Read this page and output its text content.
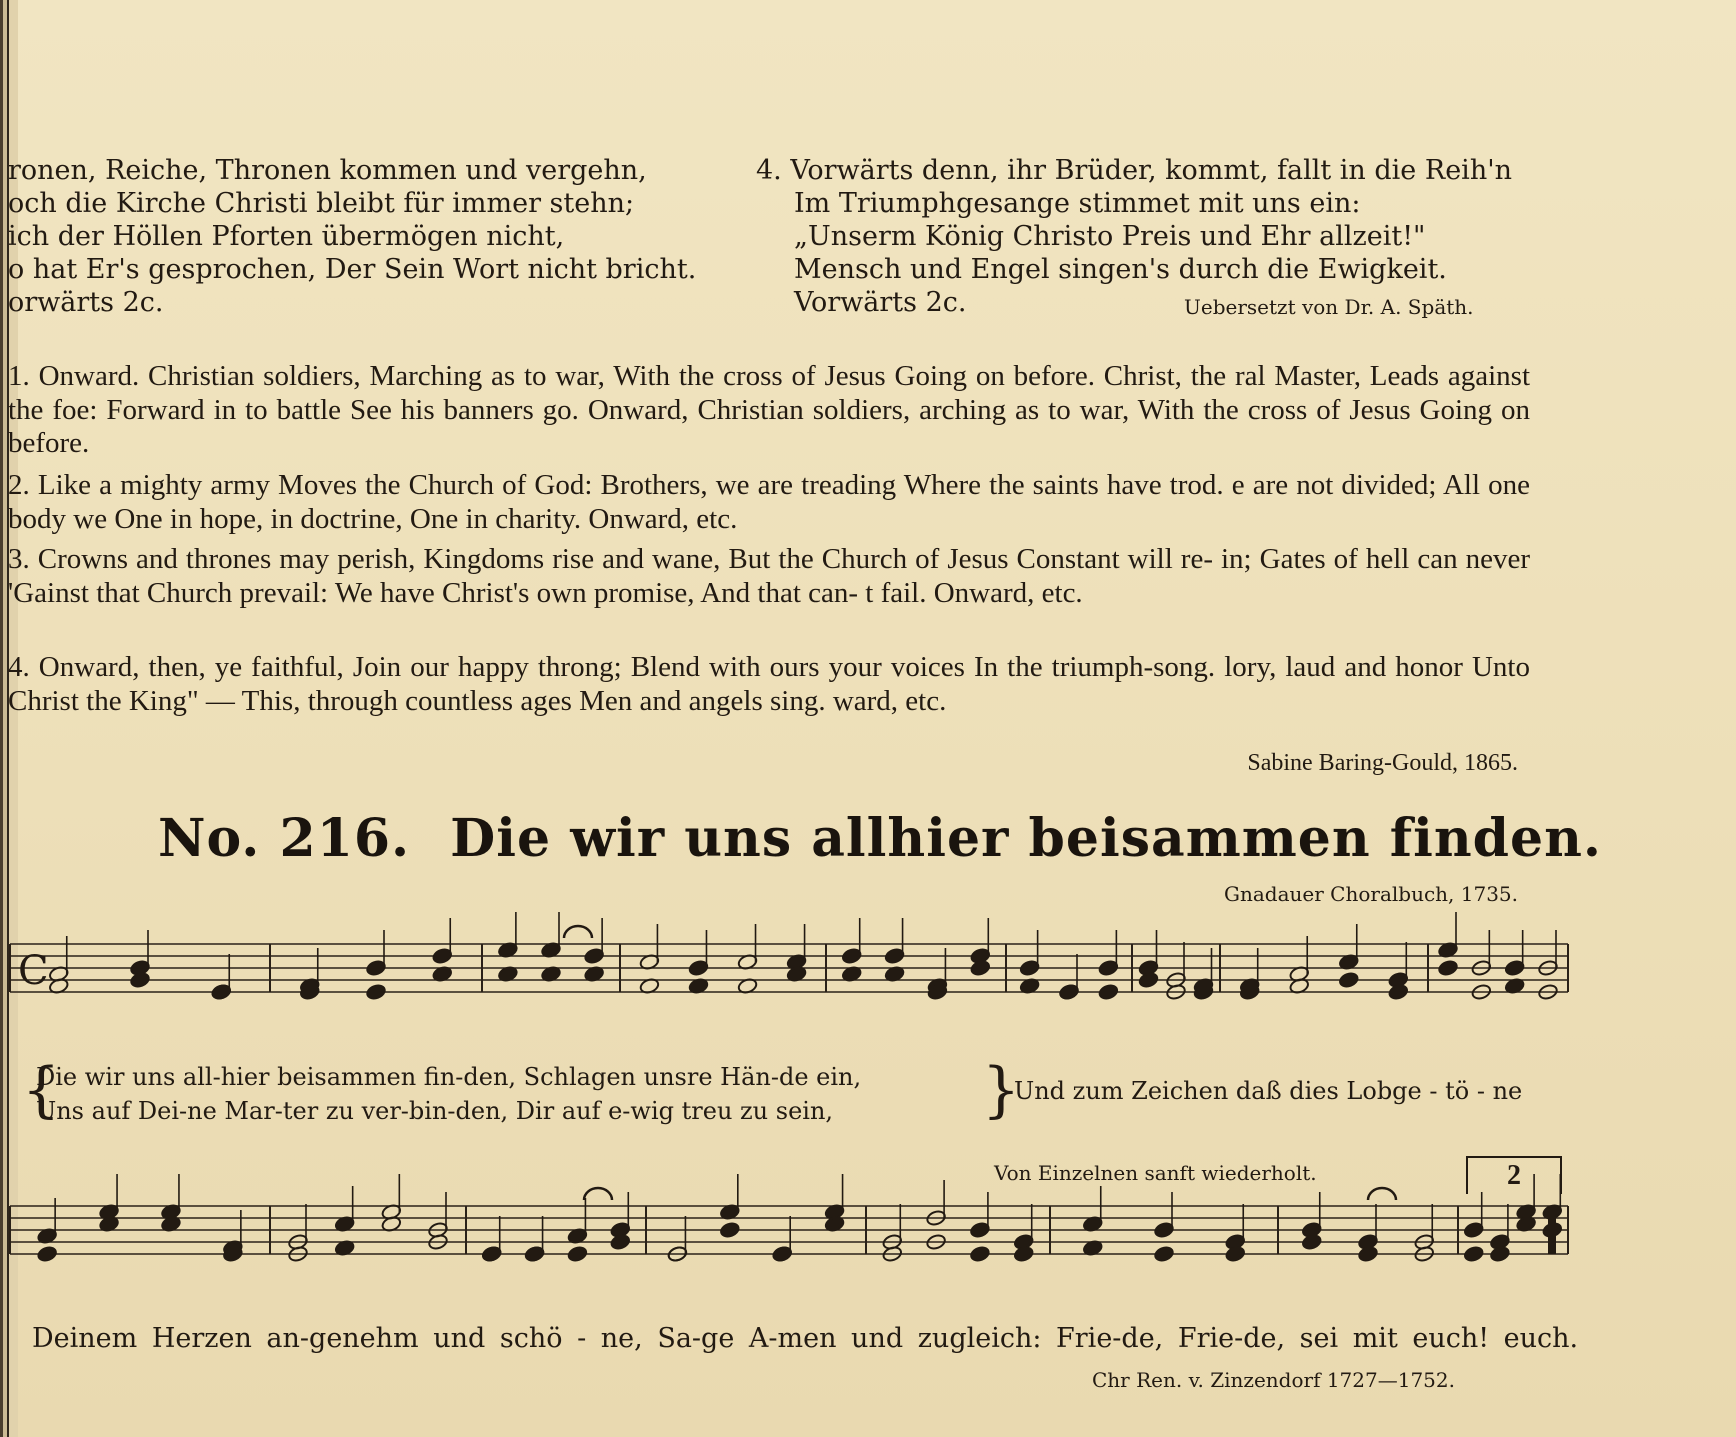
ronen, Reiche, Thronen kommen und vergehn,
och die Kirche Christi bleibt für immer stehn;
ich der Höllen Pforten übermögen nicht,
o hat Er's gesprochen, Der Sein Wort nicht bricht.
orwärts 2c.
4. Vorwärts denn, ihr Brüder, kommt, fallt in die Reih'n
Im Triumphgesange stimmet mit uns ein:
„Unserm König Christo Preis und Ehr allzeit!"
Mensch und Engel singen's durch die Ewigkeit.
Vorwärts 2c.	Uebersetzt von Dr. A. Späth.
1. Onward. Christian soldiers, Marching as to war, With the cross of Jesus Going on before. Christ, the ral Master, Leads against the foe: Forward in to battle See his banners go. Onward, Christian soldiers, arching as to war, With the cross of Jesus Going on before.
2. Like a mighty army Moves the Church of God: Brothers, we are treading Where the saints have trod. e are not divided; All one body we One in hope, in doctrine, One in charity. Onward, etc.
3. Crowns and thrones may perish, Kingdoms rise and wane, But the Church of Jesus Constant will re- in; Gates of hell can never 'Gainst that Church prevail: We have Christ's own promise, And that can- t fail. Onward, etc.
4. Onward, then, ye faithful, Join our happy throng; Blend with ours your voices In the triumph-song. lory, laud and honor Unto Christ the King" — This, through countless ages Men and angels sing. ward, etc.
Sabine Baring-Gould, 1865.
No. 216. Die wir uns allhier beisammen finden.
Gnadauer Choralbuch, 1735.
C
{
Die wir uns all-hier beisammen fin-den, Schlagen unsre Hän-de ein,
Uns auf Dei-ne Mar-ter zu ver-bin-den, Dir auf e-wig treu zu sein,	}
Und zum Zeichen daß dies Lobge - tö - ne
Von Einzelnen sanft wiederholt.	2
Deinem Herzen an-genehm und schö - ne, Sa-ge A-men und zugleich: Frie-de, Frie-de, sei mit euch! euch.
Chr Ren. v. Zinzendorf 1727—1752.
